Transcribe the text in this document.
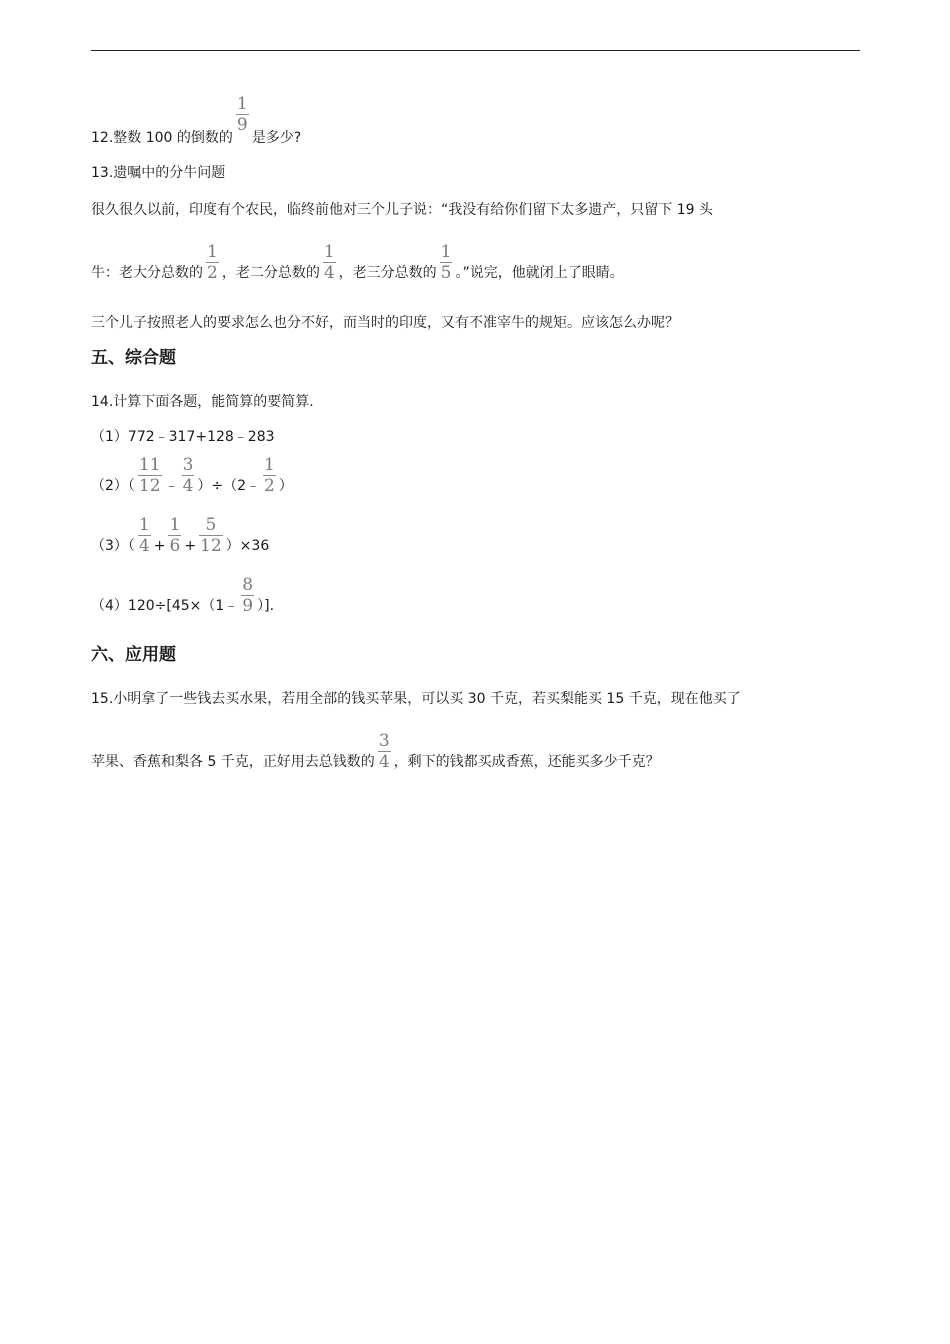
12.整数 100 的倒数的
$\frac{1}{9}$
是多少?
13.遗嘱中的分牛问题
很久很久以前，印度有个农民，临终前他对三个儿子说：“我没有给你们留下太多遗产，只留下 19 头
牛：老大分总数的 $\frac{1}{2}$ ，老二分总数的 $\frac{1}{4}$ ，老三分总数的 $\frac{1}{5}$ 。”说完，他就闭上了眼睛。
三个儿子按照老人的要求怎么也分不好，而当时的印度，又有不准宰牛的规矩。应该怎么办呢？
五、综合题
14.计算下面各题，能简算的要简算.
（1）772﹣317+128﹣283
$(2)( \frac{11}{12}$ ﹣ $\frac{3}{4}$ ）÷（2﹣ $\frac{1}{2}$ ）
$(3)( \frac{1}{4} + \frac{1}{6} + \frac{5}{12} )\times 36$
（4）120÷[45×（1﹣ $\frac{8}{9}$ ）].
六、应用题
15.小明拿了一些钱去买水果，若用全部的钱买苹果，可以买 30 千克，若买梨能买 15 千克，现在他买了
苹果、香蕉和梨各 5 千克，正好用去总钱数的 $\frac{3}{4}$ ，剩下的钱都买成香蕉，还能买多少千克？
